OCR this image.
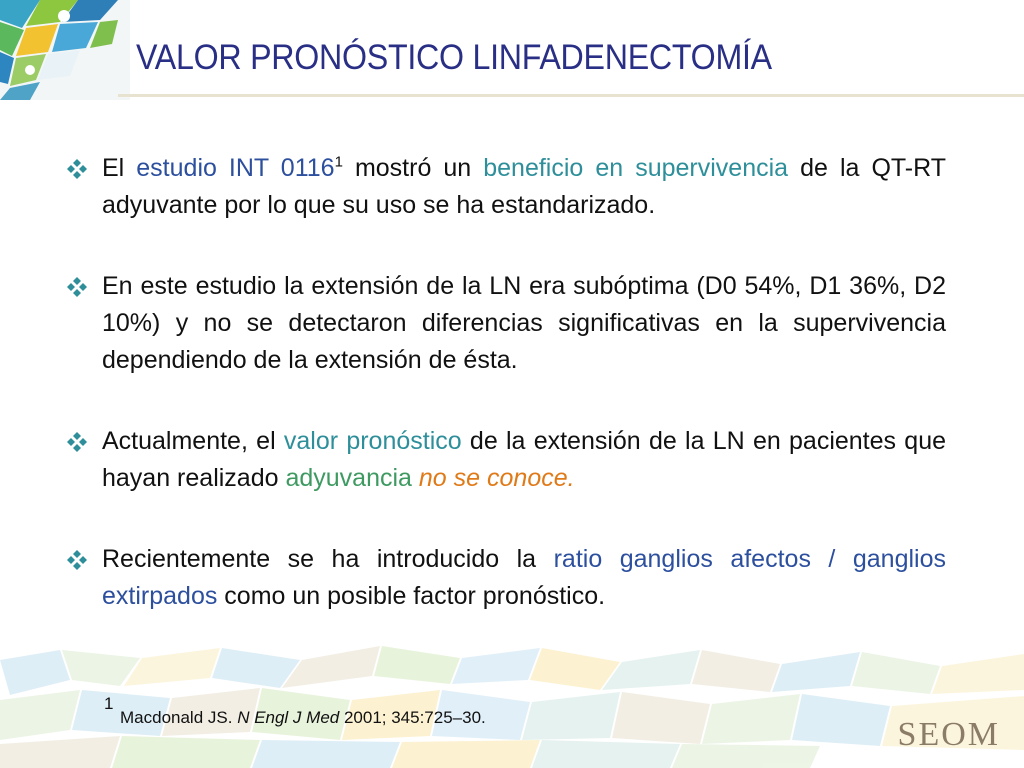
VALOR PRONÓSTICO LINFADENECTOMÍA
El estudio INT 0116$^1$ mostró un beneficio en supervivencia de la QT-RT adyuvante por lo que su uso se ha estandarizado.
En este estudio la extensión de la LN era subóptima (D0 54%, D1 36%, D2 10%) y no se detectaron diferencias significativas en la supervivencia dependiendo de la extensión de ésta.
Actualmente, el valor pronóstico de la extensión de la LN en pacientes que hayan realizado adyuvancia no se conoce.
Recientemente se ha introducido la ratio ganglios afectos / ganglios extirpados como un posible factor pronóstico.
1
Macdonald JS. N Engl J Med 2001; 345:725–30.	SEOM
